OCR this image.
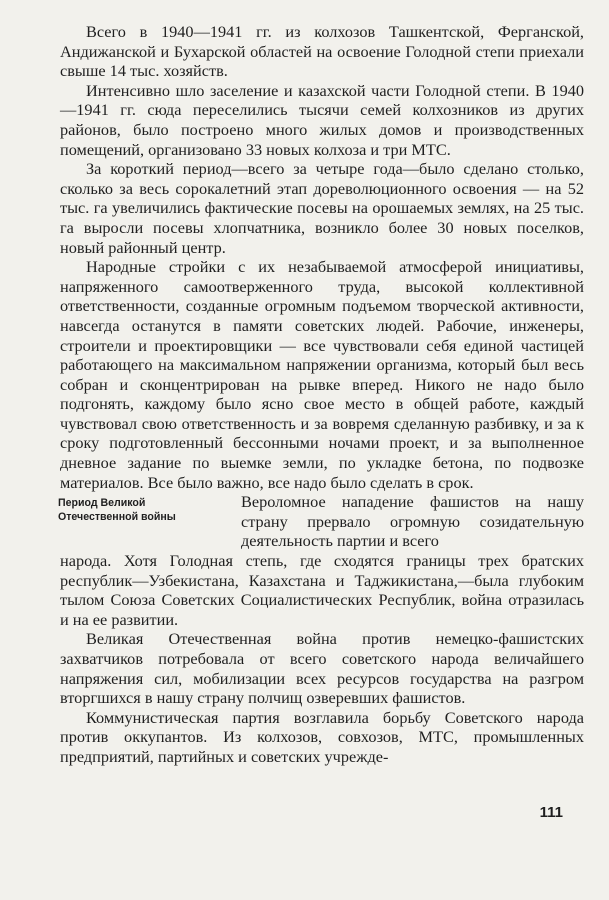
Всего в 1940—1941 гг. из колхозов Ташкентской, Ферганской, Андижанской и Бухарской областей на освоение Голодной степи приехали свыше 14 тыс. хозяйств.

Интенсивно шло заселение и казахской части Голодной степи. В 1940—1941 гг. сюда переселились тысячи семей колхозников из других районов, было построено много жилых домов и производственных помещений, организовано 33 новых колхоза и три МТС.

За короткий период—всего за четыре года—было сделано столько, сколько за весь сорокалетний этап дореволюционного освоения — на 52 тыс. га увеличились фактические посевы на орошаемых землях, на 25 тыс. га выросли посевы хлопчатника, возникло более 30 новых поселков, новый районный центр.

Народные стройки с их незабываемой атмосферой инициативы, напряженного самоотверженного труда, высокой коллективной ответственности, созданные огромным подъемом творческой активности, навсегда останутся в памяти советских людей. Рабочие, инженеры, строители и проектировщики — все чувствовали себя единой частицей работающего на максимальном напряжении организма, который был весь собран и сконцентрирован на рывке вперед. Никого не надо было подгонять, каждому было ясно свое место в общей работе, каждый чувствовал свою ответственность и за вовремя сделанную разбивку, и за к сроку подготовленный бессонными ночами проект, и за выполненное дневное задание по выемке земли, по укладке бетона, по подвозке материалов. Все было важно, все надо было сделать в срок.

Период Великой Отечественной войны

Вероломное нападение фашистов на нашу страну прервало огромную созидательную деятельность партии и всего
народа. Хотя Голодная степь, где сходятся границы трех братских республик—Узбекистана, Казахстана и Таджикистана,—была глубоким тылом Союза Советских Социалистических Республик, война отразилась и на ее развитии.

Великая Отечественная война против немецко-фашистских захватчиков потребовала от всего советского народа величайшего напряжения сил, мобилизации всех ресурсов государства на разгром вторгшихся в нашу страну полчищ озверевших фашистов.

Коммунистическая партия возглавила борьбу Советского народа против оккупантов. Из колхозов, совхозов, МТС, промышленных предприятий, партийных и советских учрежде-

111
